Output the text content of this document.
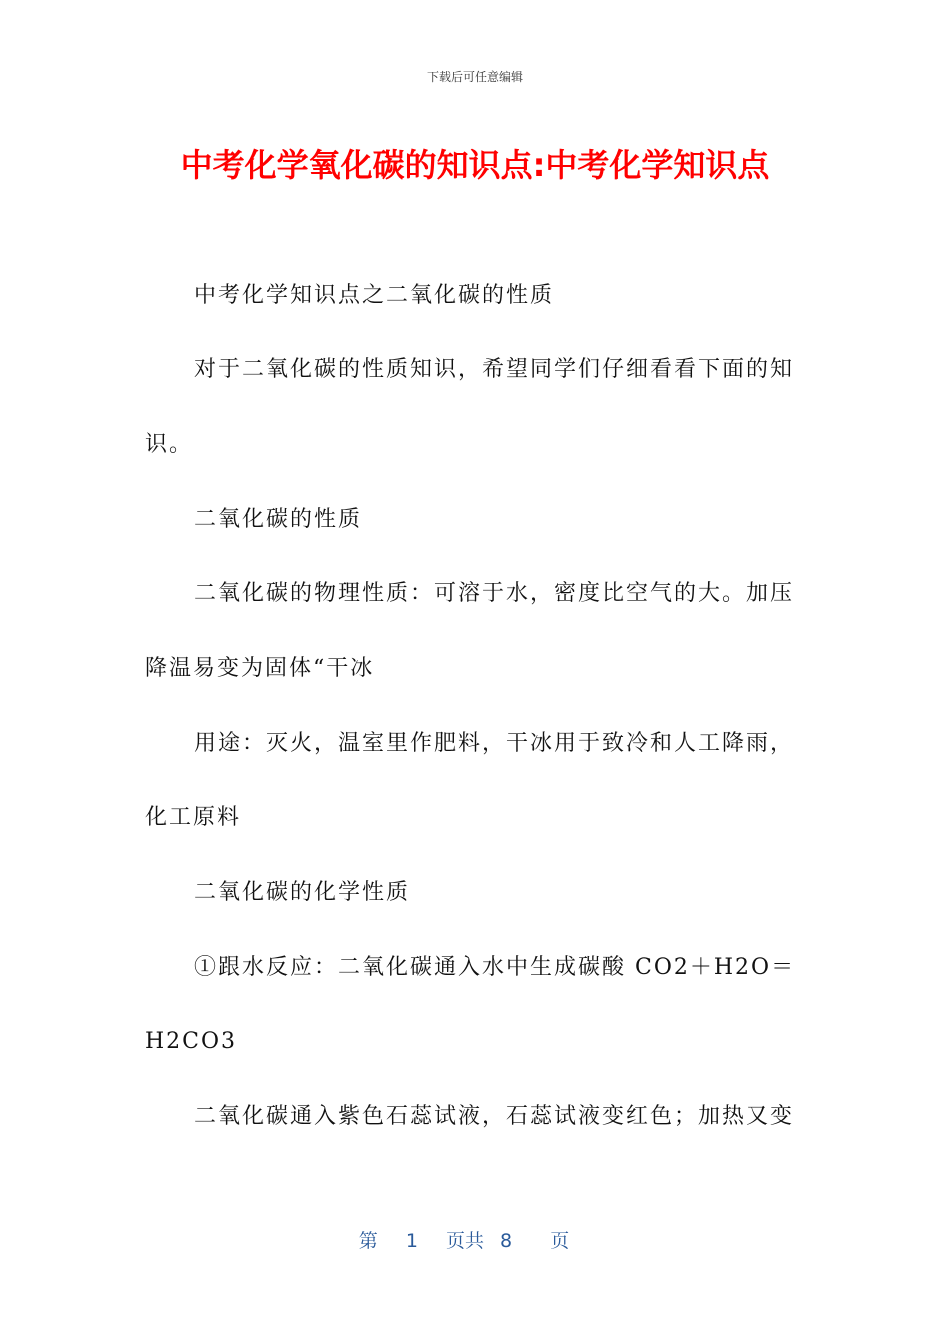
下载后可任意编辑
中考化学氧化碳的知识点:中考化学知识点
中考化学知识点之二氧化碳的性质
对于二氧化碳的性质知识，希望同学们仔细看看下面的知
识。
二氧化碳的性质
二氧化碳的物理性质：可溶于水，密度比空气的大。加压
降温易变为固体“干冰
用途：灭火，温室里作肥料，干冰用于致冷和人工降雨，
化工原料
二氧化碳的化学性质
①跟水反应：二氧化碳通入水中生成碳酸 CO2＋H2O＝
H2CO3
二氧化碳通入紫色石蕊试液，石蕊试液变红色；加热又变
第 1 页共 8 页
